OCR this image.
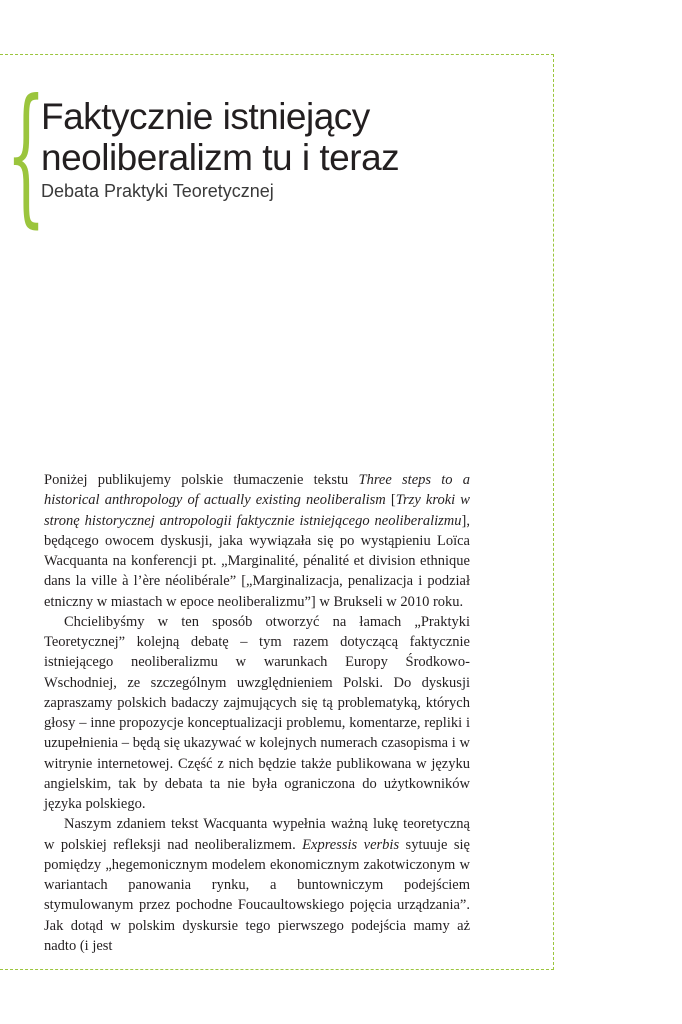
{
Faktycznie istniejący
neoliberalizm tu i teraz
Debata Praktyki Teoretycznej

Poniżej publikujemy polskie tłumaczenie tekstu Three steps to a historical anthropology of actually existing neoliberalism [Trzy kroki w stronę historycznej antropologii faktycznie istniejącego neoliberalizmu], będącego owocem dyskusji, jaka wywiązała się po wystąpieniu Loïca Wacquanta na konferencji pt. „Marginalité, pénalité et division ethnique dans la ville à l’ère néolibérale” [„Marginalizacja, penalizacja i podział etniczny w miastach w epoce neoliberalizmu”] w Brukseli w 2010 roku.

Chcielibyśmy w ten sposób otworzyć na łamach „Praktyki Teoretycznej” kolejną debatę – tym razem dotyczącą faktycznie istniejącego neoliberalizmu w warunkach Europy Środkowo-Wschodniej, ze szczególnym uwzględnieniem Polski. Do dyskusji zapraszamy polskich badaczy zajmujących się tą problematyką, których głosy – inne propozycje konceptualizacji problemu, komentarze, repliki i uzupełnienia – będą się ukazywać w kolejnych numerach czasopisma i w witrynie internetowej. Część z nich będzie także publikowana w języku angielskim, tak by debata ta nie była ograniczona do użytkowników języka polskiego.

Naszym zdaniem tekst Wacquanta wypełnia ważną lukę teoretyczną w polskiej refleksji nad neoliberalizmem. Expressis verbis sytuuje się pomiędzy „hegemonicznym modelem ekonomicznym zakotwiczonym w wariantach panowania rynku, a buntowniczym podejściem stymulowanym przez pochodne Foucaultowskiego pojęcia urządzania”. Jak dotąd w polskim dyskursie tego pierwszego podejścia mamy aż nadto (i jest
